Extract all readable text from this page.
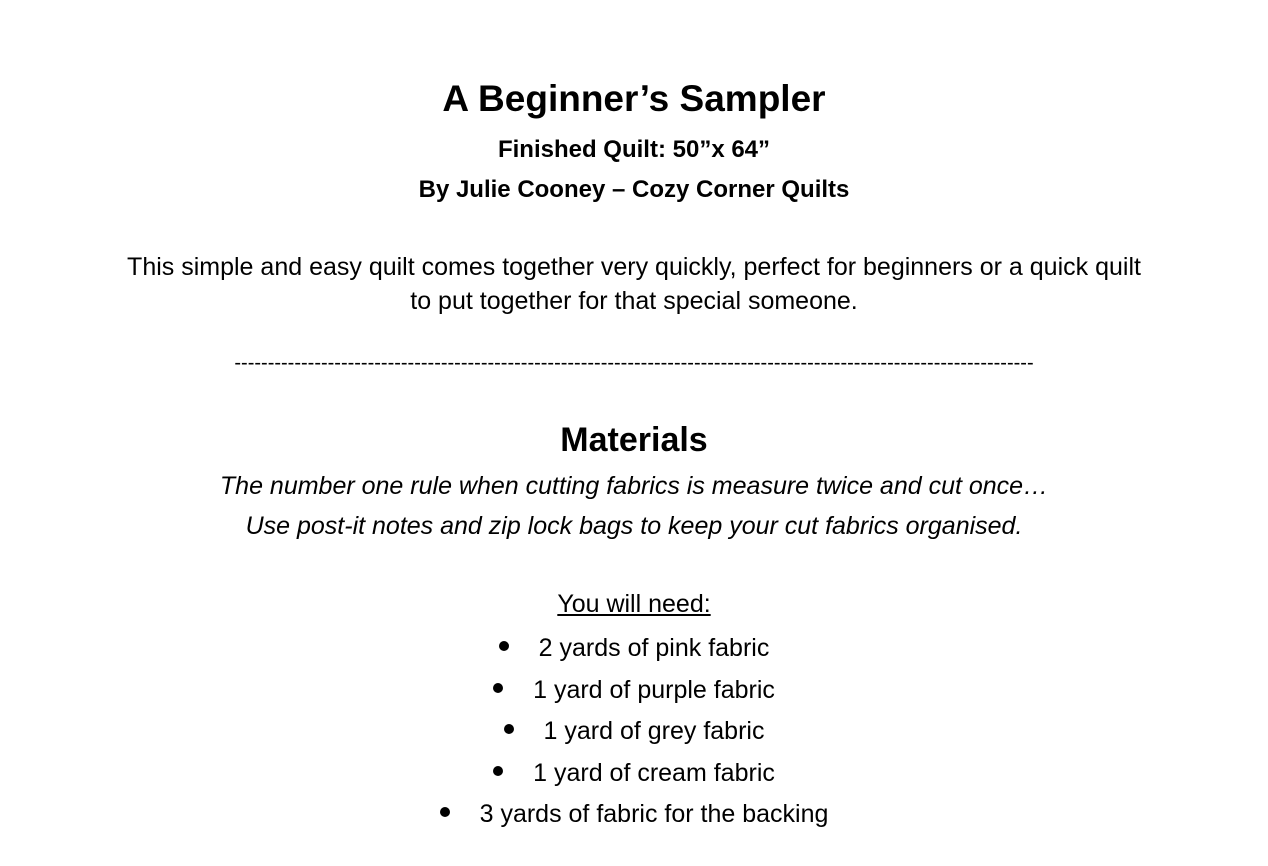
A Beginner’s Sampler
Finished Quilt: 50”x 64”
By Julie Cooney – Cozy Corner Quilts
This simple and easy quilt comes together very quickly, perfect for beginners or a quick quilt
to put together for that special someone.
------------------------------------------------------------------------------------------------------------------------
Materials
The number one rule when cutting fabrics is measure twice and cut once…
Use post-it notes and zip lock bags to keep your cut fabrics organised.
You will need:
2 yards of pink fabric
1 yard of purple fabric
1 yard of grey fabric
1 yard of cream fabric
3 yards of fabric for the backing
